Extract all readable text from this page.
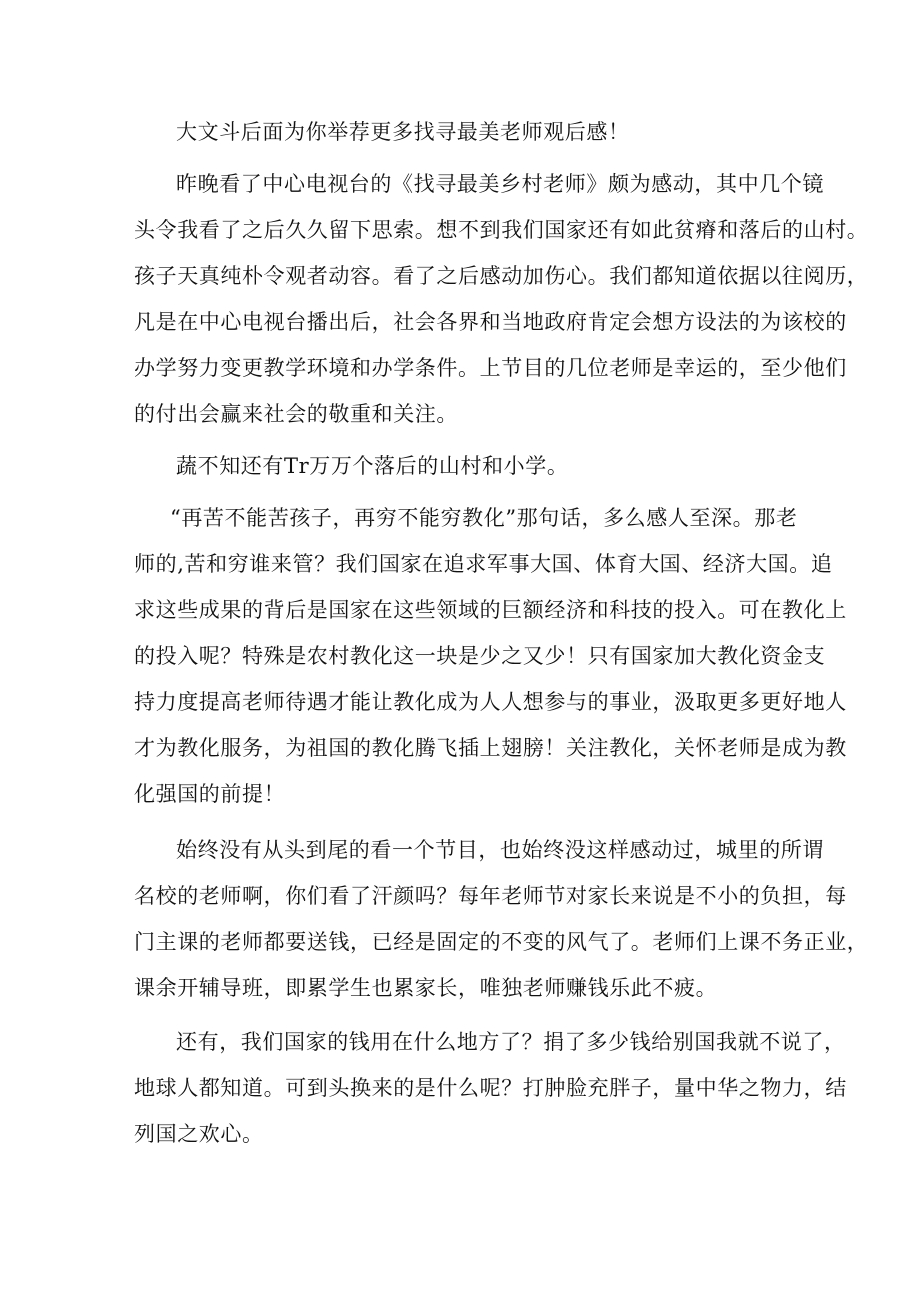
大文斗后面为你举荐更多找寻最美老师观后感！
昨晚看了中心电视台的《找寻最美乡村老师》颇为感动，其中几个镜
头令我看了之后久久留下思索。想不到我们国家还有如此贫瘠和落后的山村。
孩子天真纯朴令观者动容。看了之后感动加伤心。我们都知道依据以往阅历，
凡是在中心电视台播出后，社会各界和当地政府肯定会想方设法的为该校的
办学努力变更教学环境和办学条件。上节目的几位老师是幸运的，至少他们
的付出会赢来社会的敬重和关注。
蔬不知还有Tr万万个落后的山村和小学。
“再苦不能苦孩子，再穷不能穷教化”那句话，多么感人至深。那老
师的,苦和穷谁来管？我们国家在追求军事大国、体育大国、经济大国。追
求这些成果的背后是国家在这些领域的巨额经济和科技的投入。可在教化上
的投入呢？特殊是农村教化这一块是少之又少！只有国家加大教化资金支
持力度提高老师待遇才能让教化成为人人想参与的事业，汲取更多更好地人
才为教化服务，为祖国的教化腾飞插上翅膀！关注教化，关怀老师是成为教
化强国的前提！
始终没有从头到尾的看一个节目，也始终没这样感动过，城里的所谓
名校的老师啊，你们看了汗颜吗？每年老师节对家长来说是不小的负担，每
门主课的老师都要送钱，已经是固定的不变的风气了。老师们上课不务正业，
课余开辅导班，即累学生也累家长，唯独老师赚钱乐此不疲。
还有，我们国家的钱用在什么地方了？捐了多少钱给别国我就不说了，
地球人都知道。可到头换来的是什么呢？打肿脸充胖子，量中华之物力，结
列国之欢心。
